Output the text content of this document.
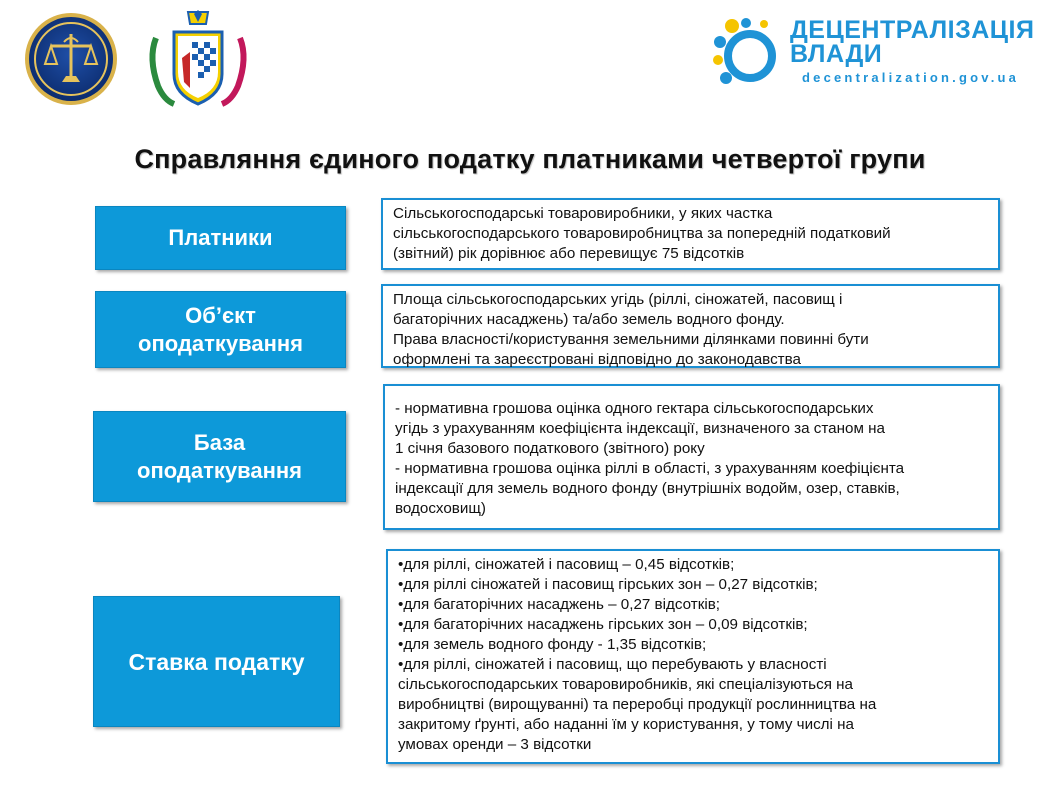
ДЕЦЕНТРАЛІЗАЦІЯ
ВЛАДИ

decentralization.gov.ua

Справляння єдиного податку платниками четвертої групи
Платники

Сільськогосподарські товаровиробники, у яких частка
сільськогосподарського товаровиробництва за попередній податковий
(звітний) рік дорівнює або перевищує 75 відсотків

Об’єкт оподаткування

Площа сільськогосподарських угідь (ріллі, сіножатей, пасовищ і
багаторічних насаджень) та/або земель водного фонду.
Права власності/користування земельними ділянками повинні бути
оформлені та зареєстровані відповідно до законодавства

База оподаткування

- нормативна грошова оцінка одного гектара сільськогосподарських
угідь з урахуванням коефіцієнта індексації, визначеного за станом на
1 січня базового податкового (звітного) року
- нормативна грошова оцінка ріллі в області, з урахуванням коефіцієнта
індексації для земель водного фонду (внутрішніх водойм, озер, ставків,
водосховищ)

Ставка податку

•для ріллі, сіножатей і пасовищ – 0,45 відсотків;

•для ріллі сіножатей і пасовищ гірських зон – 0,27 відсотків;

•для багаторічних насаджень – 0,27 відсотків;

•для багаторічних насаджень гірських зон – 0,09 відсотків;

•для земель водного фонду - 1,35 відсотків;

•для ріллі, сіножатей і пасовищ, що перебувають у власності
сільськогосподарських товаровиробників, які спеціалізуються на
виробництві (вирощуванні) та переробці продукції рослинництва на
закритому ґрунті, або наданні їм у користування, у тому числі на
умовах оренди – 3 відсотки
